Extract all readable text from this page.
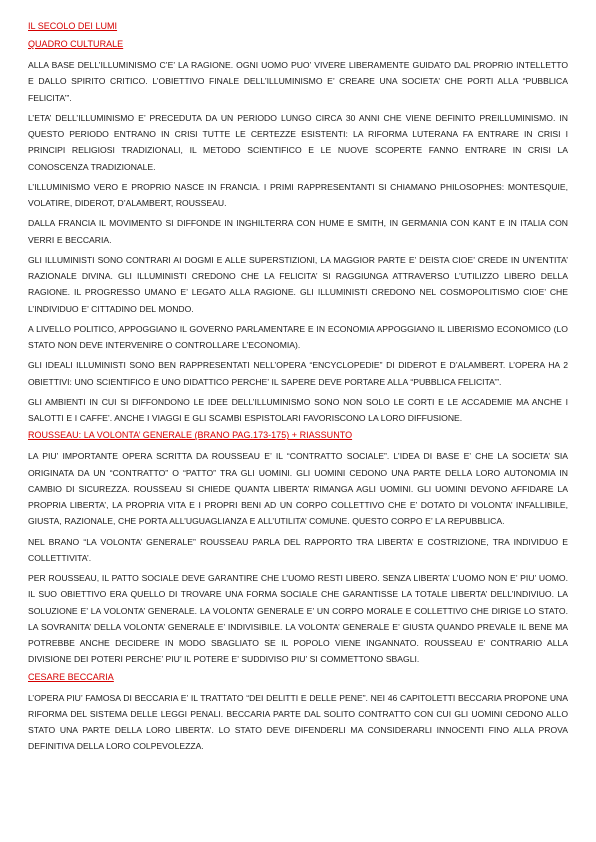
IL SECOLO DEI LUMI
QUADRO CULTURALE

ALLA BASE DELL’ILLUMINISMO C’E’ LA RAGIONE. OGNI UOMO PUO’ VIVERE LIBERAMENTE GUIDATO DAL PROPRIO INTELLETTO E DALLO SPIRITO CRITICO. L’OBIETTIVO FINALE DELL’ILLUMINISMO E’ CREARE UNA SOCIETA’ CHE PORTI ALLA “PUBBLICA FELICITA’”.

L’ETA’ DELL’ILLUMINISMO E’ PRECEDUTA DA UN PERIODO LUNGO CIRCA 30 ANNI CHE VIENE DEFINITO PREILLUMINISMO. IN QUESTO PERIODO ENTRANO IN CRISI TUTTE LE CERTEZZE ESISTENTI: LA RIFORMA LUTERANA FA ENTRARE IN CRISI I PRINCIPI RELIGIOSI TRADIZIONALI, IL METODO SCIENTIFICO E LE NUOVE SCOPERTE FANNO ENTRARE IN CRISI LA CONOSCENZA TRADIZIONALE.

L’ILLUMINISMO VERO E PROPRIO NASCE IN FRANCIA. I PRIMI RAPPRESENTANTI SI CHIAMANO PHILOSOPHES: MONTESQUIE, VOLATIRE, DIDEROT, D’ALAMBERT, ROUSSEAU.

DALLA FRANCIA IL MOVIMENTO SI DIFFONDE IN INGHILTERRA CON HUME E SMITH, IN GERMANIA CON KANT E IN ITALIA CON VERRI E BECCARIA.

GLI ILLUMINISTI SONO CONTRARI AI DOGMI E ALLE SUPERSTIZIONI, LA MAGGIOR PARTE E’ DEISTA CIOE’ CREDE IN UN’ENTITA’ RAZIONALE DIVINA. GLI ILLUMINISTI CREDONO CHE LA FELICITA’ SI RAGGIUNGA ATTRAVERSO L’UTILIZZO LIBERO DELLA RAGIONE. IL PROGRESSO UMANO E’ LEGATO ALLA RAGIONE. GLI ILLUMINISTI CREDONO NEL COSMOPOLITISMO CIOE’ CHE L’INDIVIDUO E’ CITTADINO DEL MONDO.

A LIVELLO POLITICO, APPOGGIANO IL GOVERNO PARLAMENTARE E IN ECONOMIA APPOGGIANO IL LIBERISMO ECONOMICO (LO STATO NON DEVE INTERVENIRE O CONTROLLARE L’ECONOMIA).

GLI IDEALI ILLUMINISTI SONO BEN RAPPRESENTATI NELL’OPERA “ENCYCLOPEDIE” DI DIDEROT E D’ALAMBERT. L’OPERA HA 2 OBIETTIVI: UNO SCIENTIFICO E UNO DIDATTICO PERCHE’ IL SAPERE DEVE PORTARE ALLA “PUBBLICA FELICITA’”.

GLI AMBIENTI IN CUI SI DIFFONDONO LE IDEE DELL’ILLUMINISMO SONO NON SOLO LE CORTI E LE ACCADEMIE MA ANCHE I SALOTTI E I CAFFE’. ANCHE I VIAGGI E GLI SCAMBI ESPISTOLARI FAVORISCONO LA LORO DIFFUSIONE.

ROUSSEAU: LA VOLONTA’ GENERALE (BRANO PAG.173-175) + RIASSUNTO

LA PIU’ IMPORTANTE OPERA SCRITTA DA ROUSSEAU E’ IL “CONTRATTO SOCIALE”. L’IDEA DI BASE E’ CHE LA SOCIETA’ SIA ORIGINATA DA UN “CONTRATTO” O “PATTO” TRA GLI UOMINI. GLI UOMINI CEDONO UNA PARTE DELLA LORO AUTONOMIA IN CAMBIO DI SICUREZZA. ROUSSEAU SI CHIEDE QUANTA LIBERTA’ RIMANGA AGLI UOMINI. GLI UOMINI DEVONO AFFIDARE LA PROPRIA LIBERTA’, LA PROPRIA VITA E I PROPRI BENI AD UN CORPO COLLETTIVO CHE E’ DOTATO DI VOLONTA’ INFALLIBILE, GIUSTA, RAZIONALE, CHE PORTA ALL’UGUAGLIANZA E ALL’UTILITA’ COMUNE. QUESTO CORPO E’ LA REPUBBLICA.

NEL BRANO “LA VOLONTA’ GENERALE” ROUSSEAU PARLA DEL RAPPORTO TRA LIBERTA’ E COSTRIZIONE, TRA INDIVIDUO E COLLETTIVITA’.

PER ROUSSEAU, IL PATTO SOCIALE DEVE GARANTIRE CHE L’UOMO RESTI LIBERO. SENZA LIBERTA’ L’UOMO NON E’ PIU’ UOMO. IL SUO OBIETTIVO ERA QUELLO DI TROVARE UNA FORMA SOCIALE CHE GARANTISSE LA TOTALE LIBERTA’ DELL’INDIVIUO. LA SOLUZIONE E’ LA VOLONTA’ GENERALE. LA VOLONTA’ GENERALE E’ UN CORPO MORALE E COLLETTIVO CHE DIRIGE LO STATO. LA SOVRANITA’ DELLA VOLONTA’ GENERALE E’ INDIVISIBILE. LA VOLONTA’ GENERALE E’ GIUSTA QUANDO PREVALE IL BENE MA POTREBBE ANCHE DECIDERE IN MODO SBAGLIATO SE IL POPOLO VIENE INGANNATO. ROUSSEAU E’ CONTRARIO ALLA DIVISIONE DEI POTERI PERCHE’ PIU’ IL POTERE E’ SUDDIVISO PIU’ SI COMMETTONO SBAGLI.

CESARE BECCARIA

L’OPERA PIU’ FAMOSA DI BECCARIA E’ IL TRATTATO “DEI DELITTI E DELLE PENE”. NEI 46 CAPITOLETTI BECCARIA PROPONE UNA RIFORMA DEL SISTEMA DELLE LEGGI PENALI. BECCARIA PARTE DAL SOLITO CONTRATTO CON CUI GLI UOMINI CEDONO ALLO STATO UNA PARTE DELLA LORO LIBERTA’. LO STATO DEVE DIFENDERLI MA CONSIDERARLI INNOCENTI FINO ALLA PROVA DEFINITIVA DELLA LORO COLPEVOLEZZA.
